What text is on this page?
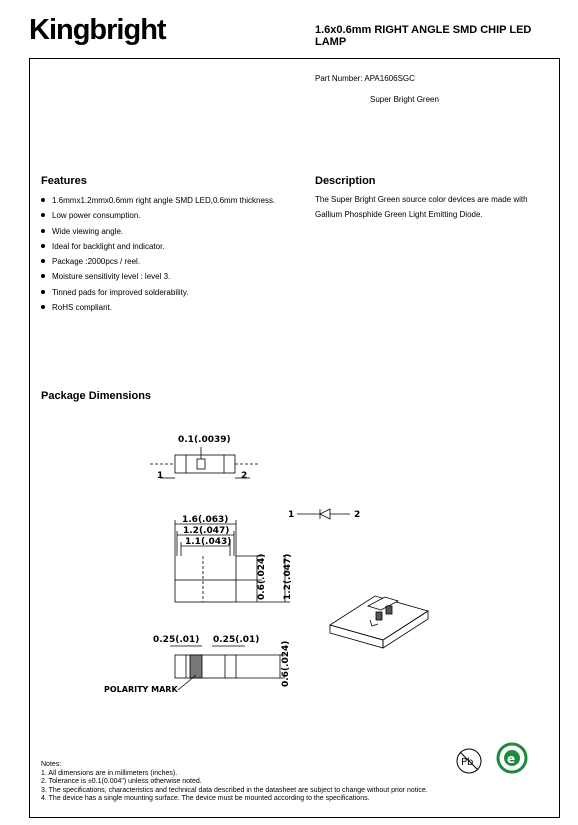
Kingbright	1.6x0.6mm RIGHT ANGLE SMD CHIP LED
LAMP
Part Number: APA1606SGC
Super Bright Green
Features
1.6mmx1.2mmx0.6mm right angle SMD LED,0.6mm thickness.
Low power consumption.
Wide viewing angle.
Ideal for backlight and indicator.
Package :2000pcs / reel.
Moisture sensitivity level : level 3.
Tinned pads for improved solderability.
RoHS compliant.
Description
The Super Bright Green source color devices are made with
Gallium Phosphide Green Light Emitting Diode.
Package Dimensions
0.1(.0039)
1	2
1.6(.063)
1.2(.047)
1.1(.043)
0.6(.024) 1.2(.047)
0.25(.01) 0.25(.01)
0.6(.024)
POLARITY MARK
1	2
Pb	e
Notes:
1. All dimensions are in millimeters (inches).
2. Tolerance is ±0.1(0.004") unless otherwise noted.
3. The specifications, characteristics and technical data described in the datasheet are subject to change without prior notice.
4. The device has a single mounting surface. The device must be mounted according to the specifications.
